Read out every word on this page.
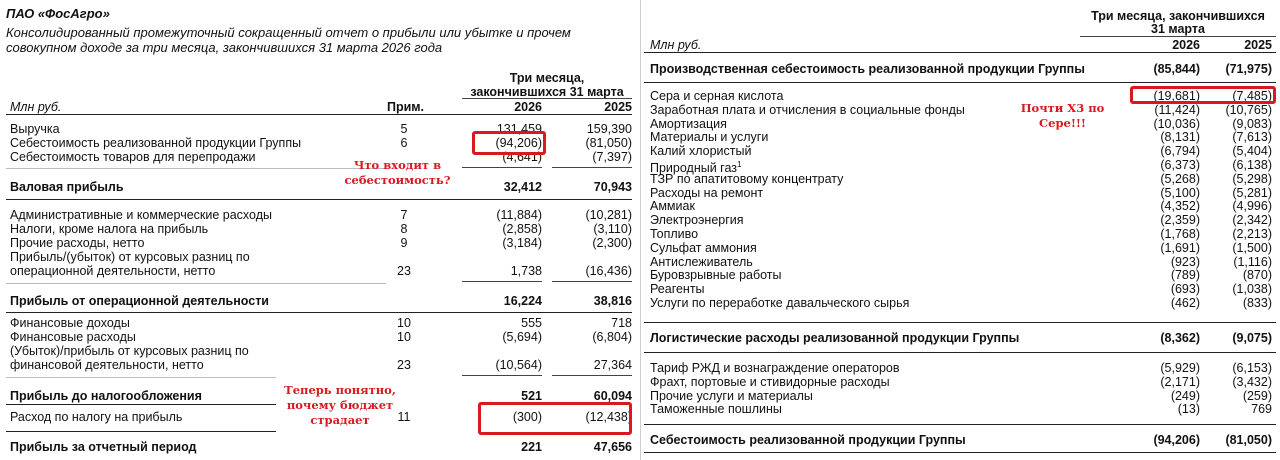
ПАО «ФосАгро»
Консолидированный промежуточный сокращенный отчет о прибыли или убытке и прочем
совокупном доходе за три месяца, закончившихся 31 марта 2026 года
Три месяца,
закончившихся 31 марта
Млн руб.	Прим.	2026	2025
Выручка	5	131,459	159,390
Себестоимость реализованной продукции Группы	6	(94,206)	(81,050)
Себестоимость товаров для перепродажи	(4,641)	(7,397)
Валовая прибыль	32,412	70,943
Административные и коммерческие расходы	7	(11,884)	(10,281)
Налоги, кроме налога на прибыль	8	(2,858)	(3,110)
Прочие расходы, нетто	9	(3,184)	(2,300)
Прибыль/(убыток) от курсовых разниц по
операционной деятельности, нетто	23	1,738	(16,436)
Прибыль от операционной деятельности	16,224	38,816
Финансовые доходы	10	555	718
Финансовые расходы	10	(5,694)	(6,804)
(Убыток)/прибыль от курсовых разниц по
финансовой деятельности, нетто	23	(10,564)	27,364
Прибыль до налогообложения	521	60,094
Расход по налогу на прибыль	11	(300)	(12,438)
Прибыль за отчетный период	221	47,656
Что входит в
себестоимость?
Теперь понятно,
почему бюджет
страдает
Три месяца, закончившихся
31 марта
Млн руб.	2026	2025
Производственная себестоимость реализованной продукции Группы	(85,844)	(71,975)
Сера и серная кислота	(19,681)	(7,485)
Заработная плата и отчисления в социальные фонды	(11,424)	(10,765)
Амортизация	(10,036)	(9,083)
Материалы и услуги	(8,131)	(7,613)
Калий хлористый	(6,794)	(5,404)
Природный газ$^1$	(6,373)	(6,138)
ТЗР по апатитовому концентрату	(5,268)	(5,298)
Расходы на ремонт	(5,100)	(5,281)
Аммиак	(4,352)	(4,996)
Электроэнергия	(2,359)	(2,342)
Топливо	(1,768)	(2,213)
Сульфат аммония	(1,691)	(1,500)
Антислеживатель	(923)	(1,116)
Буровзрывные работы	(789)	(870)
Реагенты	(693)	(1,038)
Услуги по переработке давальческого сырья	(462)	(833)
Логистические расходы реализованной продукции Группы	(8,362)	(9,075)
Тариф РЖД и вознаграждение операторов	(5,929)	(6,153)
Фрахт, портовые и стивидорные расходы	(2,171)	(3,432)
Прочие услуги и материалы	(249)	(259)
Таможенные пошлины	(13)	769
Себестоимость реализованной продукции Группы	(94,206)	(81,050)
Почти Х3 по
Сере!!!
